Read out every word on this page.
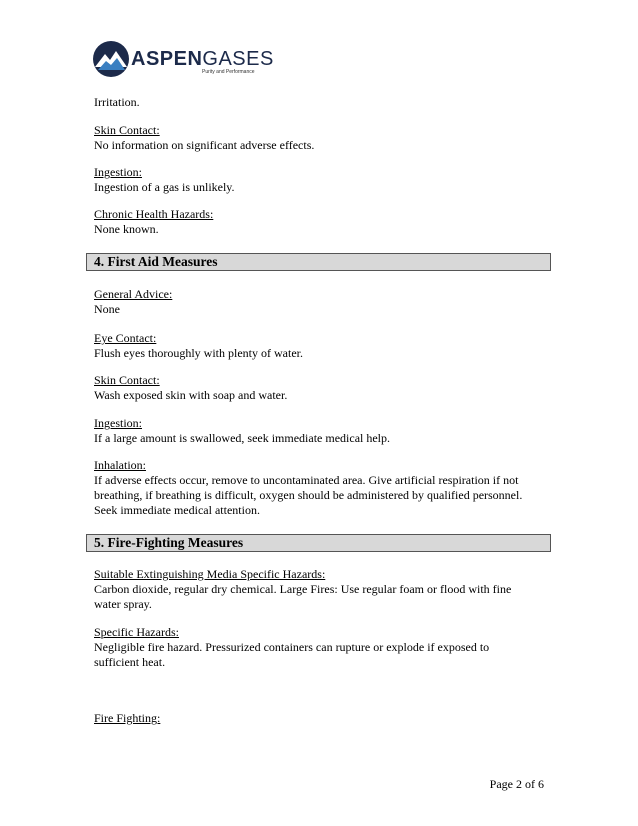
ASPENGASES
Purity and Performance
Irritation.

Skin Contact:

No information on significant adverse effects.

Ingestion:

Ingestion of a gas is unlikely.

Chronic Health Hazards:

None known.

4. First Aid Measures

General Advice:

None

Eye Contact:

Flush eyes thoroughly with plenty of water.

Skin Contact:

Wash exposed skin with soap and water.

Ingestion:

If a large amount is swallowed, seek immediate medical help.

Inhalation:

If adverse effects occur, remove to uncontaminated area. Give artificial respiration if not

breathing, if breathing is difficult, oxygen should be administered by qualified personnel.

Seek immediate medical attention.

5. Fire-Fighting Measures

Suitable Extinguishing Media Specific Hazards:

Carbon dioxide, regular dry chemical. Large Fires: Use regular foam or flood with fine

water spray.

Specific Hazards:

Negligible fire hazard. Pressurized containers can rupture or explode if exposed to

sufficient heat.

Fire Fighting:

Page 2 of 6
